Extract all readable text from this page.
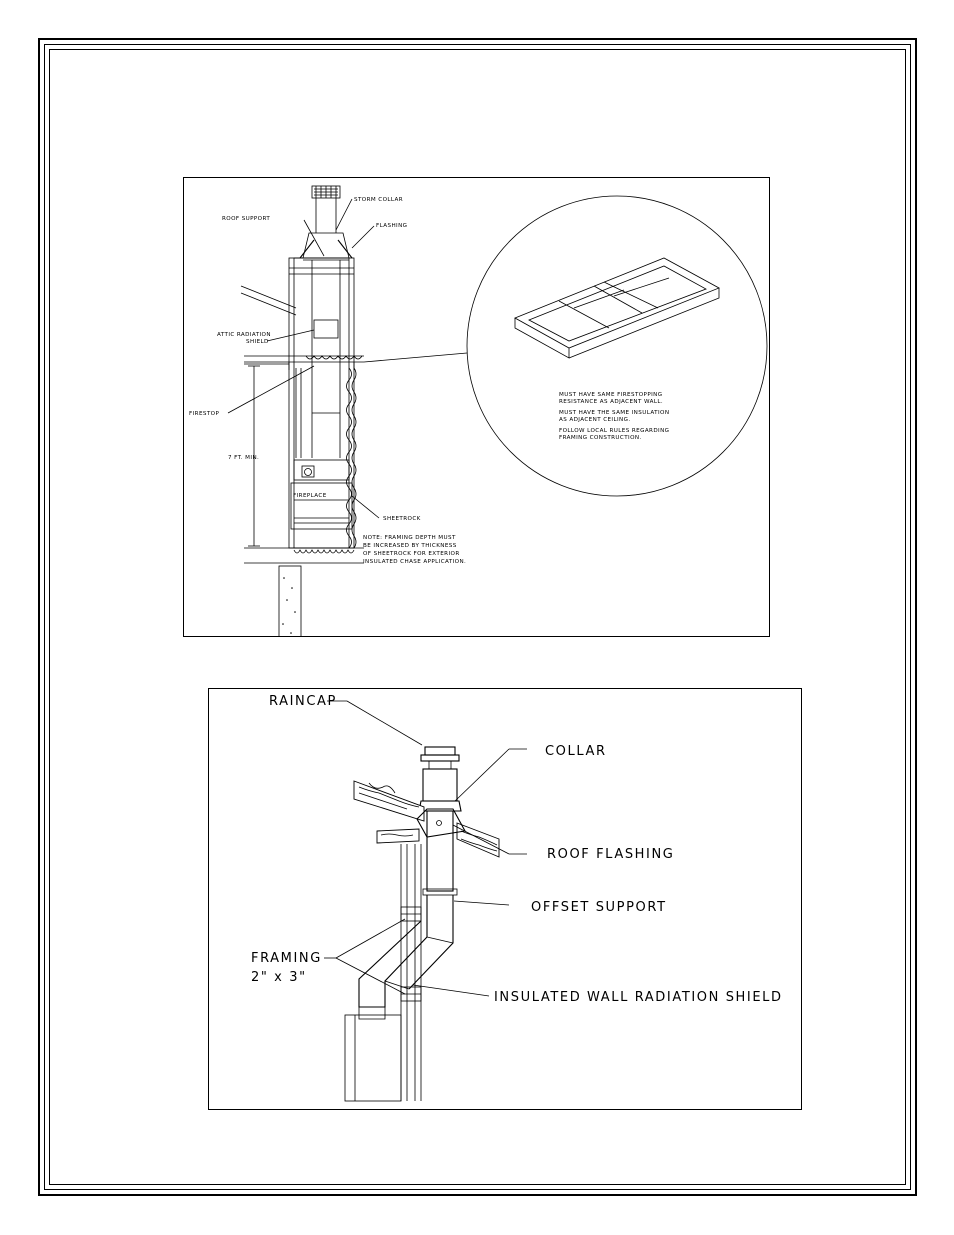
STORM COLLAR
ROOF SUPPORT
FLASHING
ATTIC RADIATION
SHIELD
FIRESTOP
7 FT. MIN.
FIREPLACE
SHEETROCK
NOTE: FRAMING DEPTH MUST
BE INCREASED BY THICKNESS
OF SHEETROCK FOR EXTERIOR
INSULATED CHASE APPLICATION.
MUST HAVE SAME FIRESTOPPING
RESISTANCE AS ADJACENT WALL.
MUST HAVE THE SAME INSULATION
AS ADJACENT CEILING.
FOLLOW LOCAL RULES REGARDING
FRAMING CONSTRUCTION.
RAINCAP
COLLAR
ROOF FLASHING
OFFSET SUPPORT
FRAMING
2" x 3"
INSULATED WALL RADIATION SHIELD
